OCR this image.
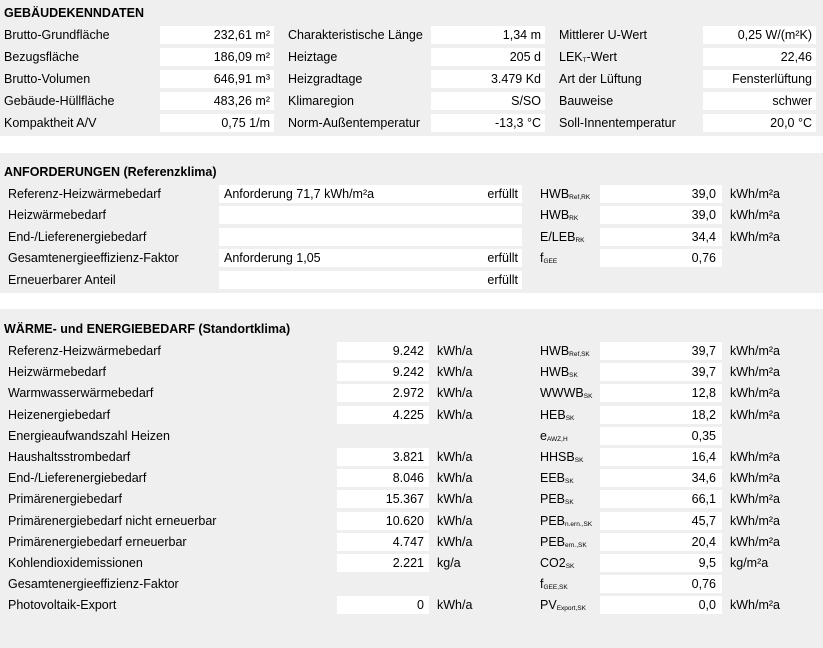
GEBÄUDEKENNDATEN
Brutto-Grundfläche	232,61 m² Charakteristische Länge	1,34 m Mittlerer U-Wert	0,25 W/(m²K)
Bezugsfläche	186,09 m² Heiztage	205 d $LEK_T$-Wert	22,46
Brutto-Volumen	646,91 m³ Heizgradtage	3.479 Kd Art der Lüftung	Fensterlüftung
Gebäude-Hüllfläche	483,26 m² Klimaregion	S/SO Bauweise	schwer
Kompaktheit A/V	0,75 1/m Norm-Außentemperatur	-13,3 °C Soll-Innentemperatur	20,0 °C
ANFORDERUNGEN (Referenzklima)
Referenz-Heizwärmebedarf	Anforderung 71,7 kWh/m²a	erfüllt $HWB_{Ref,RK}$	39,0 kWh/m²a
Heizwärmebedarf	$HWB_{RK}$	39,0 kWh/m²a
End-/Lieferenergiebedarf	$E/LEB_{RK}$	34,4 kWh/m²a
Gesamtenergieeffizienz-Faktor	Anforderung 1,05	erfüllt $f_{GEE}$	0,76
Erneuerbarer Anteil	erfüllt
WÄRME- und ENERGIEBEDARF (Standortklima)
Referenz-Heizwärmebedarf	9.242 kWh/a	$HWB_{Ref,SK}$	39,7 kWh/m²a
Heizwärmebedarf	9.242 kWh/a	$HWB_{SK}$	39,7 kWh/m²a
Warmwasserwärmebedarf	2.972 kWh/a	$WWWB_{SK}$	12,8 kWh/m²a
Heizenergiebedarf	4.225 kWh/a	$HEB_{SK}$	18,2 kWh/m²a
Energieaufwandszahl Heizen	$e_{AWZ,H}$	0,35
Haushaltsstrombedarf	3.821 kWh/a	$HHSB_{SK}$	16,4 kWh/m²a
End-/Lieferenergiebedarf	8.046 kWh/a	$EEB_{SK}$	34,6 kWh/m²a
Primärenergiebedarf	15.367 kWh/a	$PEB_{SK}$	66,1 kWh/m²a
Primärenergiebedarf nicht erneuerbar	10.620 kWh/a	$PEB_{n.ern.,SK}$	45,7 kWh/m²a
Primärenergiebedarf erneuerbar	4.747 kWh/a	$PEB_{ern.,SK}$	20,4 kWh/m²a
Kohlendioxidemissionen	2.221 kg/a	$CO2_{SK}$	9,5 kg/m²a
Gesamtenergieeffizienz-Faktor	$f_{GEE,SK}$	0,76
Photovoltaik-Export	0 kWh/a	$PV_{Export,SK}$	0,0 kWh/m²a
